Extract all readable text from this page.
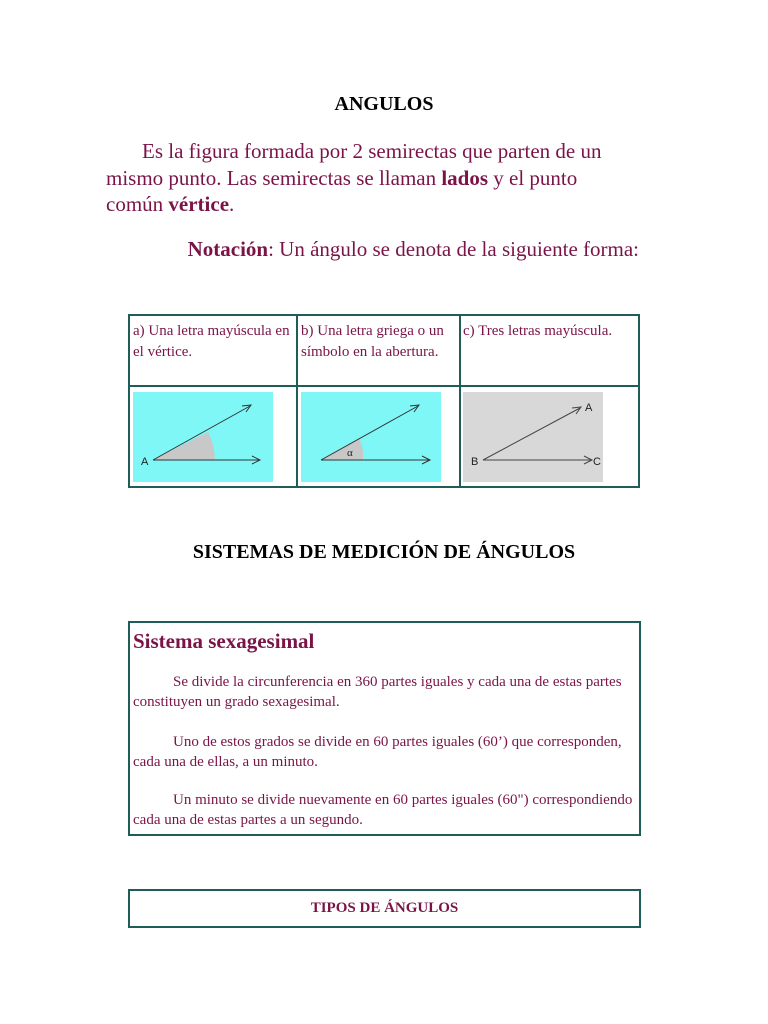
ANGULOS
Es la figura formada por 2 semirectas que parten de un
mismo punto. Las semirectas se llaman lados y el punto
común vértice.
Notación: Un ángulo se denota de la siguiente forma:
a) Una letra mayúscula en el vértice.
b) Una letra griega o un símbolo en la abertura.
c) Tres letras mayúscula.
A
α
B
A
C
SISTEMAS DE MEDICIÓN DE ÁNGULOS
Sistema sexagesimal
Se divide la circunferencia en 360 partes iguales y cada una de estas partes constituyen un grado sexagesimal.
Uno de estos grados se divide en 60 partes iguales (60’) que corresponden, cada una de ellas, a un minuto.
Un minuto se divide nuevamente en 60 partes iguales (60") correspondiendo cada una de estas partes a un segundo.
TIPOS DE ÁNGULOS
